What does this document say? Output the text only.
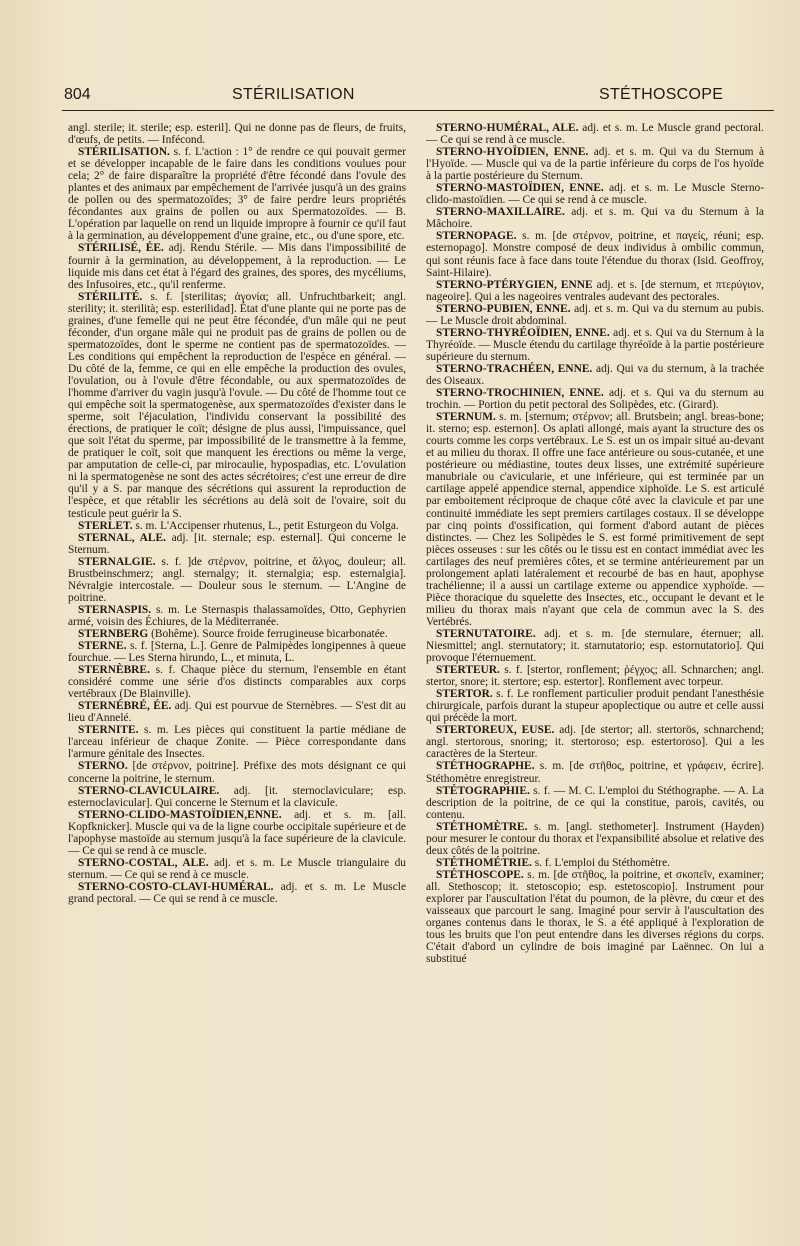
804	STÉRILISATION	STÉTHOSCOPE

angl. sterile; it. sterile; esp. esteril]. Qui ne donne pas de fleurs, de fruits, d'œufs, de petits. — Infécond.

STÉRILISATION. s. f. L'action : 1° de rendre ce qui pouvait germer et se développer incapable de le faire dans les conditions voulues pour cela; 2° de faire disparaître la propriété d'être fécondé dans l'ovule des plantes et des animaux par empêchement de l'arrivée jusqu'à un des grains de pollen ou des spermatozoïdes; 3° de faire perdre leurs propriétés fécondantes aux grains de pollen ou aux Spermatozoïdes. — B. L'opération par laquelle on rend un liquide impropre à fournir ce qu'il faut à la germination, au développement d'une graine, etc., ou d'une spore, etc.

STÉRILISÉ, ÉE. adj. Rendu Stérile. — Mis dans l'impossibilité de fournir à la germination, au développement, à la reproduction. — Le liquide mis dans cet état à l'égard des graines, des spores, des mycéliums, des Infusoires, etc., qu'il renferme.

STÉRILITÉ. s. f. [sterilitas; ἀγονία; all. Unfruchtbarkeit; angl. sterility; it. sterilità; esp. esterilidad]. État d'une plante qui ne porte pas de graines, d'une femelle qui ne peut être fécondée, d'un mâle qui ne peut féconder, d'un organe mâle qui ne produit pas de grains de pollen ou de spermatozoïdes, dont le sperme ne contient pas de spermatozoïdes. — Les conditions qui empêchent la reproduction de l'espèce en général. — Du côté de la, femme, ce qui en elle empêche la production des ovules, l'ovulation, ou à l'ovule d'être fécondable, ou aux spermatozoïdes de l'homme d'arriver du vagin jusqu'à l'ovule. — Du côté de l'homme tout ce qui empêche soit la spermatogenèse, aux spermatozoïdes d'exister dans le sperme, soit l'éjaculation, l'individu conservant la possibilité des érections, de pratiquer le coït; désigne de plus aussi, l'impuissance, quel que soit l'état du sperme, par impossibilité de le transmettre à la femme, de pratiquer le coït, soit que manquent les érections ou même la verge, par amputation de celle-ci, par mirocaulie, hypospadias, etc. L'ovulation ni la spermatogenèse ne sont des actes sécrétoires; c'est une erreur de dire qu'il y a S. par manque des sécrétions qui assurent la reproduction de l'espèce, et que rétablir les sécrétions au delà soit de l'ovaire, soit du testicule peut guérir la S.

STERLET. s. m. L'Accipenser rhutenus, L., petit Esturgeon du Volga.

STERNAL, ALE. adj. [it. sternale; esp. esternal]. Qui concerne le Sternum.

STERNALGIE. s. f. ]de στέρνον, poitrine, et ἄλγος, douleur; all. Brustbeinschmerz; angl. sternalgy; it. sternalgia; esp. esternalgia]. Névralgie intercostale. — Douleur sous le sternum. — L'Angine de poitrine.

STERNASPIS. s. m. Le Sternaspis thalassamoïdes, Otto, Gephyrien armé, voisin des Échiures, de la Méditerranée.

STERNBERG (Bohême). Source froide ferrugineuse bicarbonatée.

STERNE. s. f. [Sterna, L.]. Genre de Palmipèdes longipennes à queue fourchue. — Les Sterna hirundo, L., et minuta, L.

STERNÈBRE. s. f. Chaque pièce du sternum, l'ensemble en étant considéré comme une série d'os distincts comparables aux corps vertébraux (De Blainville).

STERNÉBRÉ, ÉE. adj. Qui est pourvue de Sternèbres. — S'est dit au lieu d'Annelé.

STERNITE. s. m. Les pièces qui constituent la partie médiane de l'arceau inférieur de chaque Zonite. — Pièce correspondante dans l'armure génitale des Insectes.

STERNO. [de στέρνον, poitrine]. Préfixe des mots désignant ce qui concerne la poitrine, le sternum.

STERNO-CLAVICULAIRE. adj. [it. sternoclaviculare; esp. esternoclavicular]. Qui concerne le Sternum et la clavicule.

STERNO-CLIDO-MASTOÏDIEN,ENNE. adj. et s. m. [all. Kopfknicker]. Muscle qui va de la ligne courbe occipitale supérieure et de l'apophyse mastoïde au sternum jusqu'à la face supérieure de la clavicule. — Ce qui se rend à ce muscle.

STERNO-COSTAL, ALE. adj. et s. m. Le Muscle triangulaire du sternum. — Ce qui se rend à ce muscle.

STERNO-COSTO-CLAVI-HUMÉRAL. adj. et s. m. Le Muscle grand pectoral. — Ce qui se rend à ce muscle.

STERNO-HUMÉRAL, ALE. adj. et s. m. Le Muscle grand pectoral. — Ce qui se rend à ce muscle.

STERNO-HYOÏDIEN, ENNE. adj. et s. m. Qui va du Sternum à l'Hyoïde. — Muscle qui va de la partie inférieure du corps de l'os hyoïde à la partie postérieure du Sternum.

STERNO-MASTOÏDIEN, ENNE. adj. et s. m. Le Muscle Sterno-clido-mastoïdien. — Ce qui se rend à ce muscle.

STERNO-MAXILLAIRE. adj. et s. m. Qui va du Sternum à la Mâchoire.

STERNOPAGE. s. m. [de στέρνον, poitrine, et παγείς, réuni; esp. esternopago]. Monstre composé de deux individus à ombilic commun, qui sont réunis face à face dans toute l'étendue du thorax (Isid. Geoffroy, Saint-Hilaire).

STERNO-PTÉRYGIEN, ENNE adj. et s. [de sternum, et πτερύγιον, nageoire]. Qui a les nageoires ventrales audevant des pectorales.

STERNO-PUBIEN, ENNE. adj. et s. m. Qui va du sternum au pubis. — Le Muscle droit abdominal.

STERNO-THYRÉOÏDIEN, ENNE. adj. et s. Qui va du Sternum à la Thyréoïde. — Muscle étendu du cartilage thyréoïde à la partie postérieure supérieure du sternum.

STERNO-TRACHÉEN, ENNE. adj. Qui va du sternum, à la trachée des Oiseaux.

STERNO-TROCHINIEN, ENNE. adj. et s. Qui va du sternum au trochin. — Portion du petit pectoral des Solipèdes, etc. (Girard).

STERNUM. s. m. [sternum; στέρνον; all. Brutsbein; angl. breas-bone; it. sterno; esp. esternon]. Os aplati allongé, mais ayant la structure des os courts comme les corps vertébraux. Le S. est un os impair situé au-devant et au milieu du thorax. Il offre une face antérieure ou sous-cutanée, et une postérieure ou médiastine, toutes deux lisses, une extrémité supérieure manubriale ou c'avicularie, et une inférieure, qui est terminée par un cartilage appelé appendice sternal, appendice xiphoïde. Le S. est articulé par emboitement réciproque de chaque côté avec la clavicule et par une continuité immédiate les sept premiers cartilages costaux. Il se développe par cinq points d'ossification, qui forment d'abord autant de pièces distinctes. — Chez les Solipèdes le S. est formé primitivement de sept pièces osseuses : sur les côtés ou le tissu est en contact immédiat avec les cartilages des neuf premières côtes, et se termine antérieurement par un prolongement aplati latéralement et recourbé de bas en haut, apophyse trachélienne; il a aussi un cartilage externe ou appendice xyphoïde. — Pièce thoracique du squelette des Insectes, etc., occupant le devant et le milieu du thorax mais n'ayant que cela de commun avec la S. des Vertébrés.

STERNUTATOIRE. adj. et s. m. [de sternulare, éternuer; all. Niesmittel; angl. sternutatory; it. starnutatorio; esp. estornutatorio]. Qui provoque l'éternuement.

STERTEUR. s. f. [stertor, ronflement; ῥέγχος; all. Schnarchen; angl. stertor, snore; it. stertore; esp. estertor]. Ronflement avec torpeur.

STERTOR. s. f. Le ronflement particulier produit pendant l'anesthésie chirurgicale, parfois durant la stupeur apoplectique ou autre et celle aussi qui précède la mort.

STERTOREUX, EUSE. adj. [de stertor; all. stertorös, schnarchend; angl. stertorous, snoring; it. stertoroso; esp. estertoroso]. Qui a les caractères de la Sterteur.

STÉTHOGRAPHE. s. m. [de στῆθος, poitrine, et γράφειν, écrire]. Stéthomètre enregistreur.

STÉTOGRAPHIE. s. f. — M. C. L'emploi du Stéthographe. — A. La description de la poitrine, de ce qui la constitue, parois, cavités, ou contenu.

STÉTHOMÈTRE. s. m. [angl. stethometer]. Instrument (Hayden) pour mesurer le contour du thorax et l'expansibilité absolue et relative des deux côtés de la poitrine.

STÉTHOMÉTRIE. s. f. L'emploi du Stéthomètre.

STÉTHOSCOPE. s. m. [de στῆθος, la poitrine, et σκοπεῖν, examiner; all. Stethoscop; it. stetoscopio; esp. estetoscopio]. Instrument pour explorer par l'auscultation l'état du poumon, de la plèvre, du cœur et des vaisseaux que parcourt le sang. Imaginé pour servir à l'auscultation des organes contenus dans le thorax, le S. a été appliqué à l'exploration de tous les bruits que l'on peut entendre dans les diverses régions du corps. C'était d'abord un cylindre de bois imaginé par Laënnec. On lui a substitué
